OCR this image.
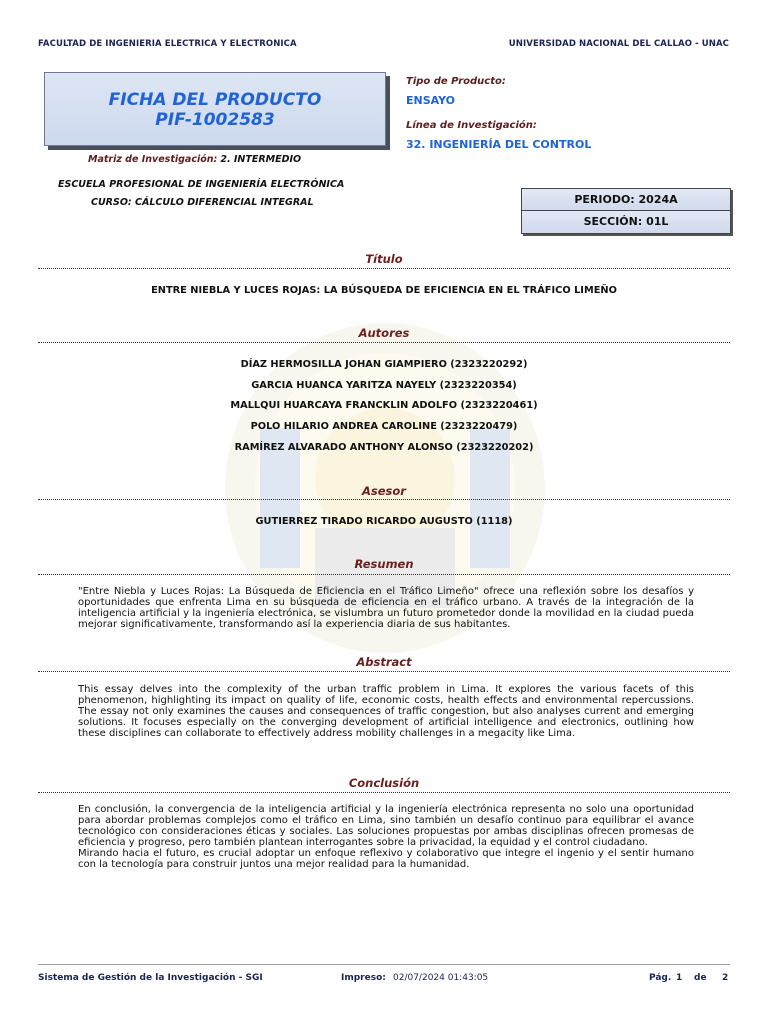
FACULTAD DE INGENIERIA ELECTRICA Y ELECTRONICA	UNIVERSIDAD NACIONAL DEL CALLAO - UNAC
FICHA DEL PRODUCTO
PIF-1002583
Tipo de Producto:
ENSAYO
Línea de Investigación:
32. INGENIERÍA DEL CONTROL
Matriz de Investigación: 2. INTERMEDIO
ESCUELA PROFESIONAL DE INGENIERÍA ELECTRÓNICA
CURSO: CÁLCULO DIFERENCIAL INTEGRAL	PERIODO: 2024A
SECCIÓN: 01L
Título
ENTRE NIEBLA Y LUCES ROJAS: LA BÚSQUEDA DE EFICIENCIA EN EL TRÁFICO LIMEÑO
Autores
DÍAZ HERMOSILLA JOHAN GIAMPIERO (2323220292)
GARCIA HUANCA YARITZA NAYELY (2323220354)
MALLQUI HUARCAYA FRANCKLIN ADOLFO (2323220461)
POLO HILARIO ANDREA CAROLINE (2323220479)
RAMÍREZ ALVARADO ANTHONY ALONSO (2323220202)
Asesor
GUTIERREZ TIRADO RICARDO AUGUSTO (1118)
Resumen
"Entre Niebla y Luces Rojas: La Búsqueda de Eficiencia en el Tráfico Limeño" ofrece una reflexión sobre los desafíos y oportunidades que enfrenta Lima en su búsqueda de eficiencia en el tráfico urbano. A través de la integración de la inteligencia artificial y la ingeniería electrónica, se vislumbra un futuro prometedor donde la movilidad en la ciudad pueda mejorar significativamente, transformando así la experiencia diaria de sus habitantes.
Abstract
This essay delves into the complexity of the urban traffic problem in Lima. It explores the various facets of this phenomenon, highlighting its impact on quality of life, economic costs, health effects and environmental repercussions. The essay not only examines the causes and consequences of traffic congestion, but also analyses current and emerging solutions. It focuses especially on the converging development of artificial intelligence and electronics, outlining how these disciplines can collaborate to effectively address mobility challenges in a megacity like Lima.
Conclusión

En conclusión, la convergencia de la inteligencia artificial y la ingeniería electrónica representa no solo una oportunidad para abordar problemas complejos como el tráfico en Lima, sino también un desafío continuo para equilibrar el avance tecnológico con consideraciones éticas y sociales. Las soluciones propuestas por ambas disciplinas ofrecen promesas de eficiencia y progreso, pero también plantean interrogantes sobre la privacidad, la equidad y el control ciudadano.

Mirando hacia el futuro, es crucial adoptar un enfoque reflexivo y colaborativo que integre el ingenio y el sentir humano con la tecnología para construir juntos una mejor realidad para la humanidad.

Sistema de Gestión de la Investigación - SGI	Impreso: 02/07/2024 01:43:05	Pág. 1 de 2
